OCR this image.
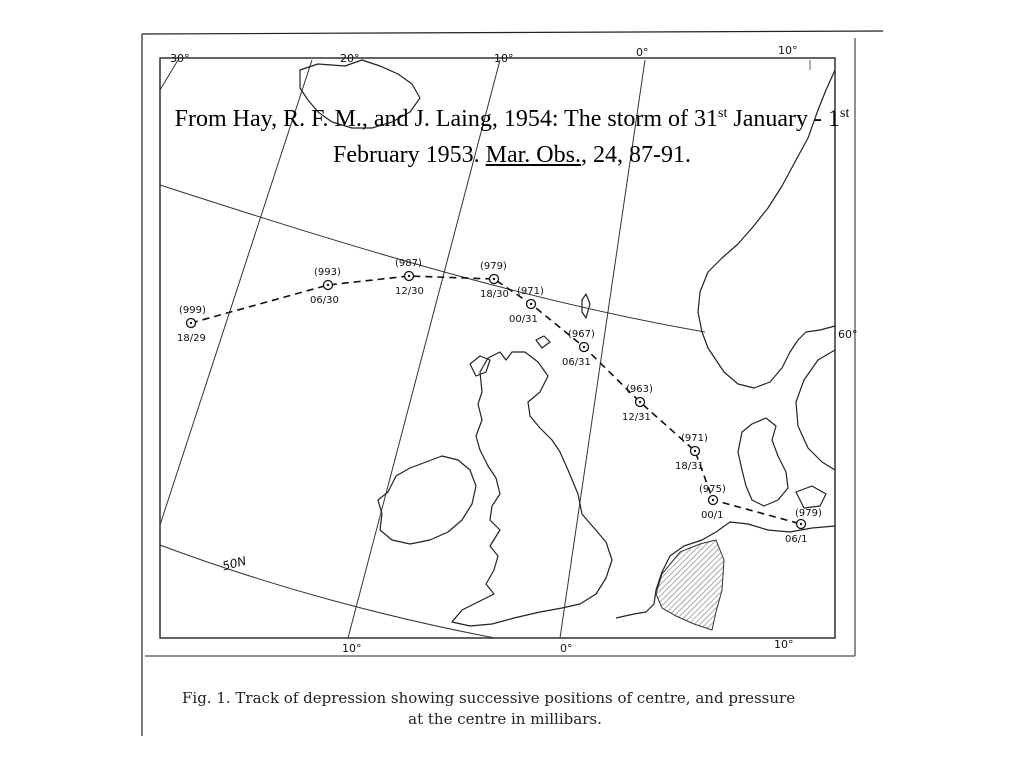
30°	20°	10°	0°	10°
10°	0°	10°
60°
50N
(999)
18/29
(993)
06/30
(987)
12/30
(979)
18/30 (971)
00/31
(967)
06/31
(963)
12/31
(971)
18/31
(975)
00/1	(979)
06/1
From Hay, R. F. M., and J. Laing, 1954: The storm of 31st January - 1st
February 1953. Mar. Obs., 24, 87-91.
Fig. 1. Track of depression showing successive positions of centre, and pressure
at the centre in millibars.
